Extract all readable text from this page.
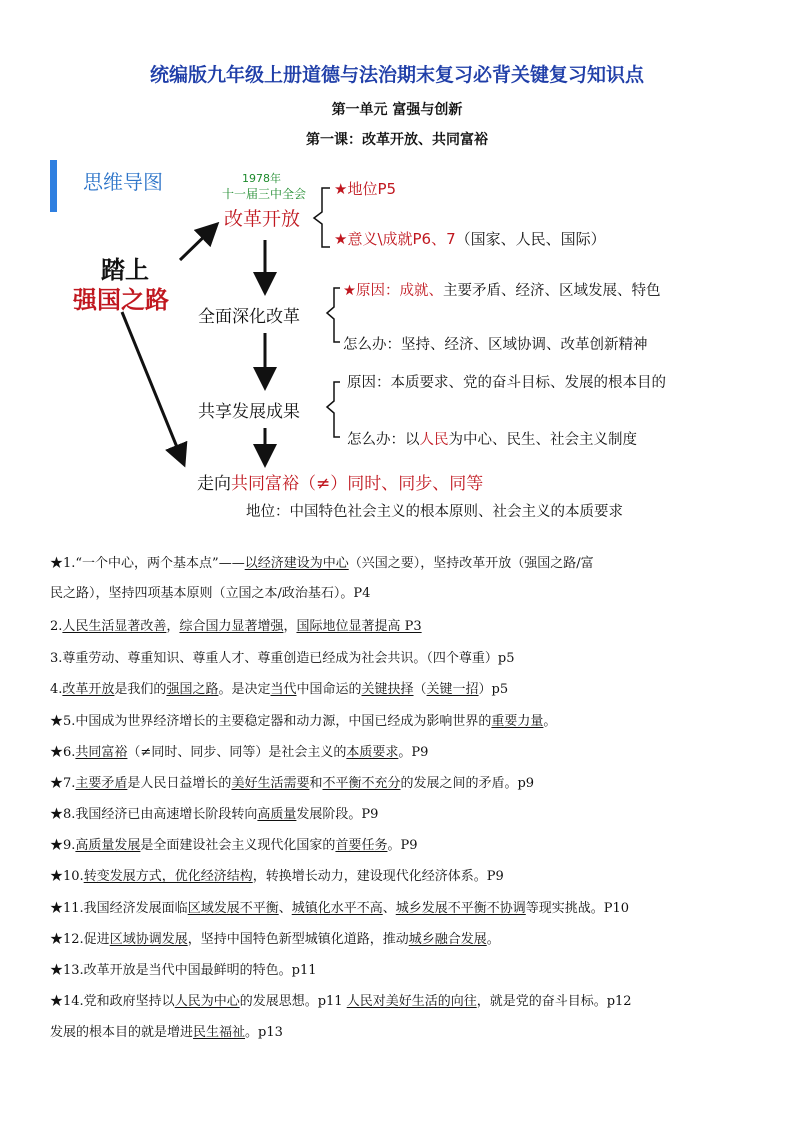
统编版九年级上册道德与法治期末复习必背关键复习知识点
第一单元 富强与创新
第一课：改革开放、共同富裕
思维导图	1978年
十一届三中全会
改革开放
★地位P5
★意义\成就P6、7（国家、人民、国际）
踏上
强国之路
全面深化改革
★原因：成就、主要矛盾、经济、区域发展、特色
怎么办：坚持、经济、区域协调、改革创新精神
共享发展成果
原因：本质要求、党的奋斗目标、发展的根本目的
怎么办：以人民为中心、民生、社会主义制度
走向共同富裕（≠）同时、同步、同等
地位：中国特色社会主义的根本原则、社会主义的本质要求
★1.“一个中心，两个基本点”——以经济建设为中心（兴国之要），坚持改革开放（强国之路/富
民之路），坚持四项基本原则（立国之本/政治基石）。P4
2.人民生活显著改善，综合国力显著增强，国际地位显著提高 P3
3.尊重劳动、尊重知识、尊重人才、尊重创造已经成为社会共识。（四个尊重）p5
4.改革开放是我们的强国之路。是决定当代中国命运的关键抉择（关键一招）p5
★5.中国成为世界经济增长的主要稳定器和动力源，中国已经成为影响世界的重要力量。
★6.共同富裕（≠同时、同步、同等）是社会主义的本质要求。P9
★7.主要矛盾是人民日益增长的美好生活需要和不平衡不充分的发展之间的矛盾。p9
★8.我国经济已由高速增长阶段转向高质量发展阶段。P9
★9.高质量发展是全面建设社会主义现代化国家的首要任务。P9
★10.转变发展方式，优化经济结构，转换增长动力，建设现代化经济体系。P9
★11.我国经济发展面临区域发展不平衡、城镇化水平不高、城乡发展不平衡不协调等现实挑战。P10
★12.促进区域协调发展，坚持中国特色新型城镇化道路，推动城乡融合发展。
★13.改革开放是当代中国最鲜明的特色。p11
★14.党和政府坚持以人民为中心的发展思想。p11 人民对美好生活的向往，就是党的奋斗目标。p12
发展的根本目的就是增进民生福祉。p13
